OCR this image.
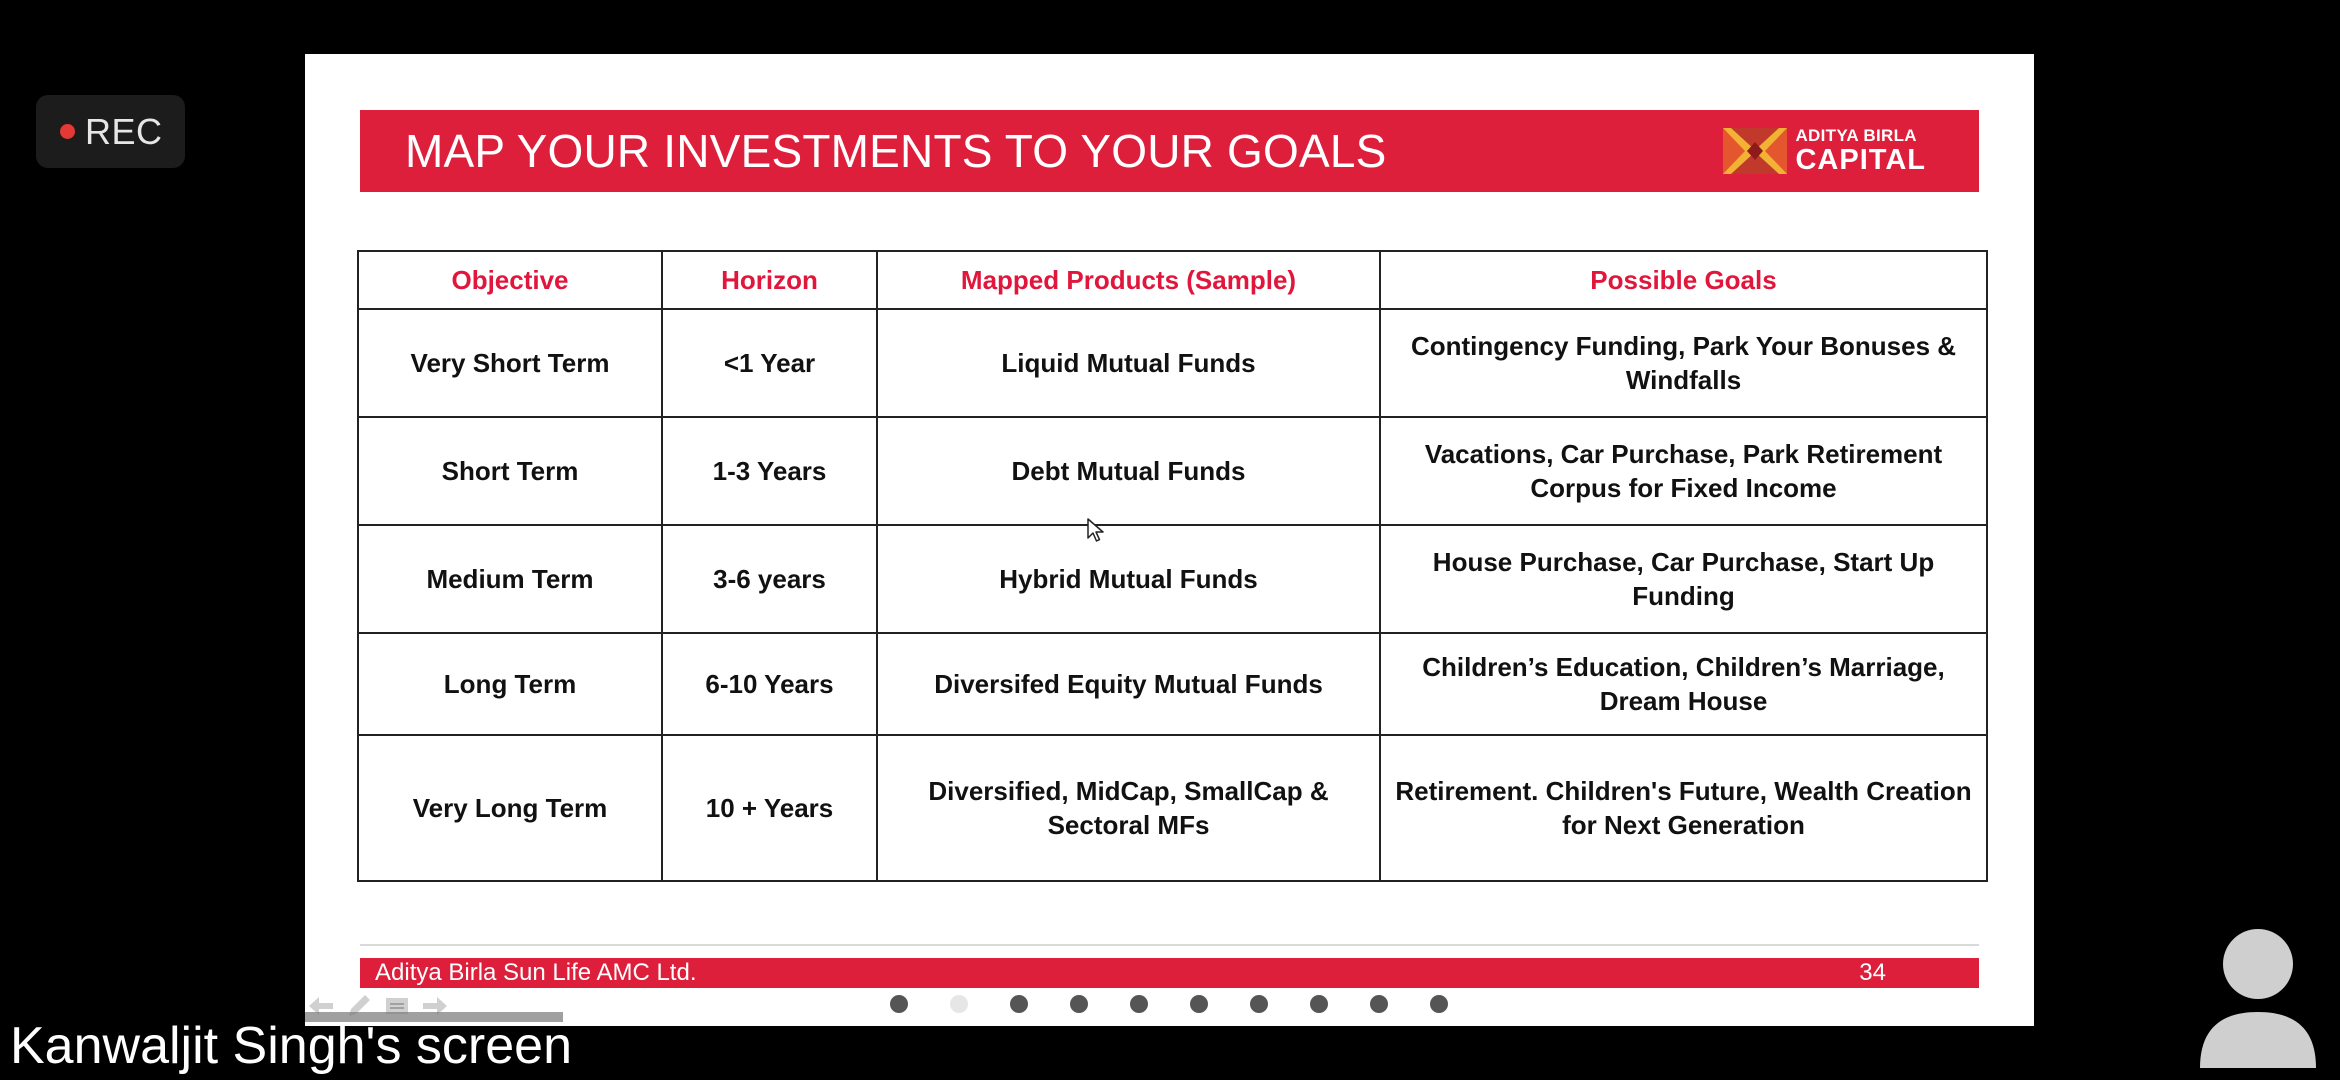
REC	MAP YOUR INVESTMENTS TO YOUR GOALS	ADITYA BIRLA
CAPITAL
Objective	Horizon	Mapped Products (Sample)	Possible Goals
Very Short Term	<1 Year	Liquid Mutual Funds	Contingency Funding, Park Your Bonuses & Windfalls
Short Term	1-3 Years	Debt Mutual Funds	Vacations, Car Purchase, Park Retirement Corpus for Fixed Income
Medium Term	3-6 years	Hybrid Mutual Funds	House Purchase, Car Purchase, Start Up Funding
Long Term	6-10 Years	Diversifed Equity Mutual Funds	Children’s Education, Children’s Marriage, Dream House
Very Long Term	10 + Years	Diversified, MidCap, SmallCap & Sectoral MFs	Retirement. Children's Future, Wealth Creation for Next Generation
Aditya Birla Sun Life AMC Ltd.	34
Kanwaljit Singh's screen
